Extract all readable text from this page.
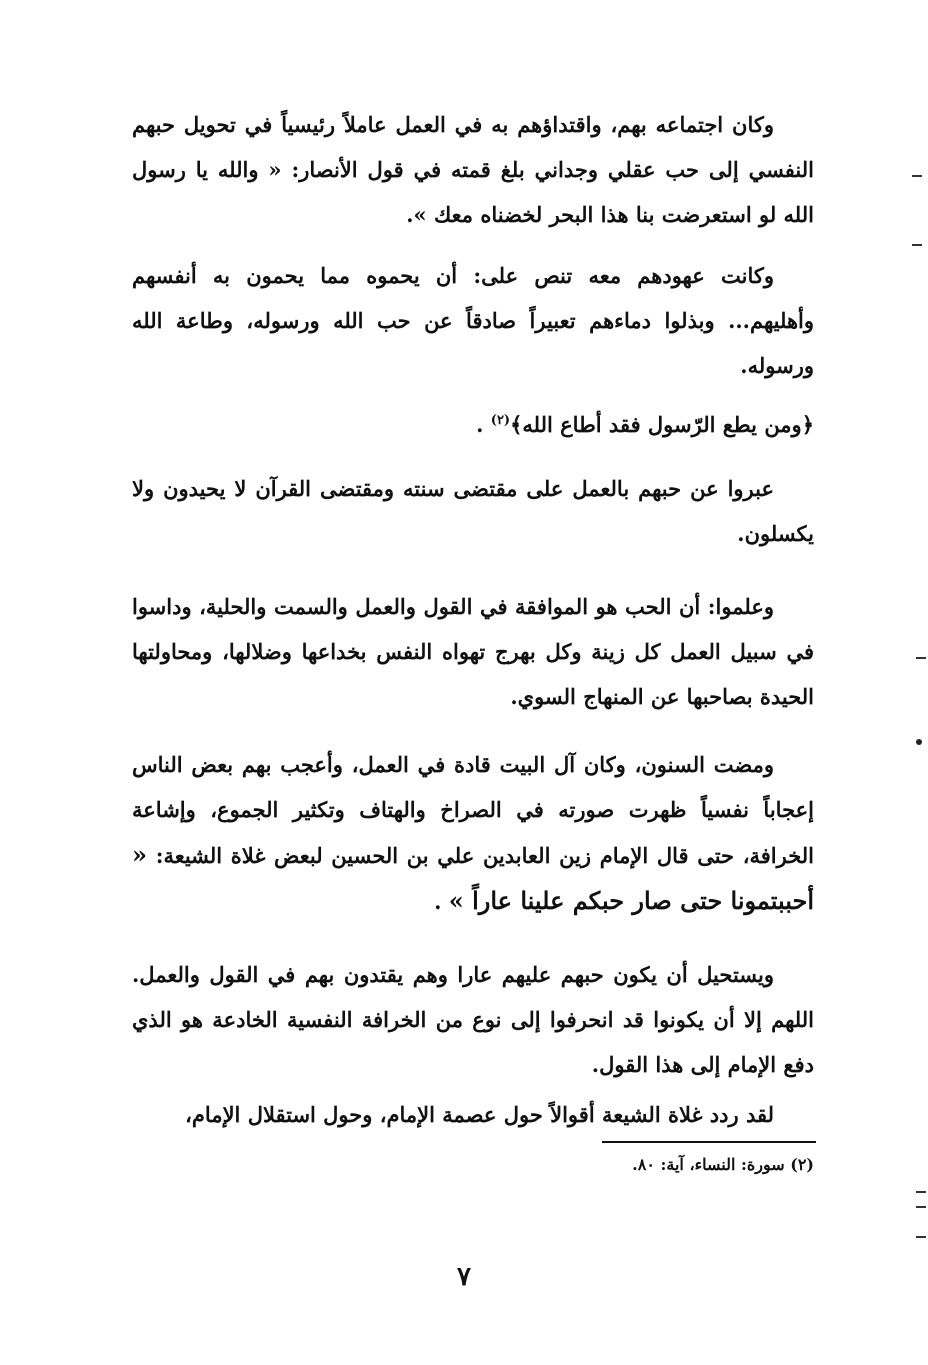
وكان اجتماعه بهم، واقتداؤهم به في العمل عاملاً رئيسياً في تحويل حبهم النفسي إلى حب عقلي وجداني بلغ قمته في قول الأنصار: « والله يا رسول الله لو استعرضت بنا هذا البحر لخضناه معك ».

وكانت عهودهم معه تنص على: أن يحموه مما يحمون به أنفسهم وأهليهم... وبذلوا دماءهم تعبيراً صادقاً عن حب الله ورسوله، وطاعة الله ورسوله.

﴿ومن يطع الرّسول فقد أطاع الله﴾$^{(٢)}$ .

عبروا عن حبهم بالعمل على مقتضى سنته ومقتضى القرآن لا يحيدون ولا يكسلون.

وعلموا: أن الحب هو الموافقة في القول والعمل والسمت والحلية، وداسوا في سبيل العمل كل زينة وكل بهرج تهواه النفس بخداعها وضلالها، ومحاولتها الحيدة بصاحبها عن المنهاج السوي.

ومضت السنون، وكان آل البيت قادة في العمل، وأعجب بهم بعض الناس إعجاباً نفسياً ظهرت صورته في الصراخ والهتاف وتكثير الجموع، وإشاعة الخرافة، حتى قال الإمام زين العابدين علي بن الحسين لبعض غلاة الشيعة: « أحببتمونا حتى صار حبكم علينا عاراً » .

ويستحيل أن يكون حبهم عليهم عارا وهم يقتدون بهم في القول والعمل. اللهم إلا أن يكونوا قد انحرفوا إلى نوع من الخرافة النفسية الخادعة هو الذي دفع الإمام إلى هذا القول.

لقد ردد غلاة الشيعة أقوالاً حول عصمة الإمام، وحول استقلال الإمام،

(٢) سورة: النساء، آية: ٨٠.
٧
